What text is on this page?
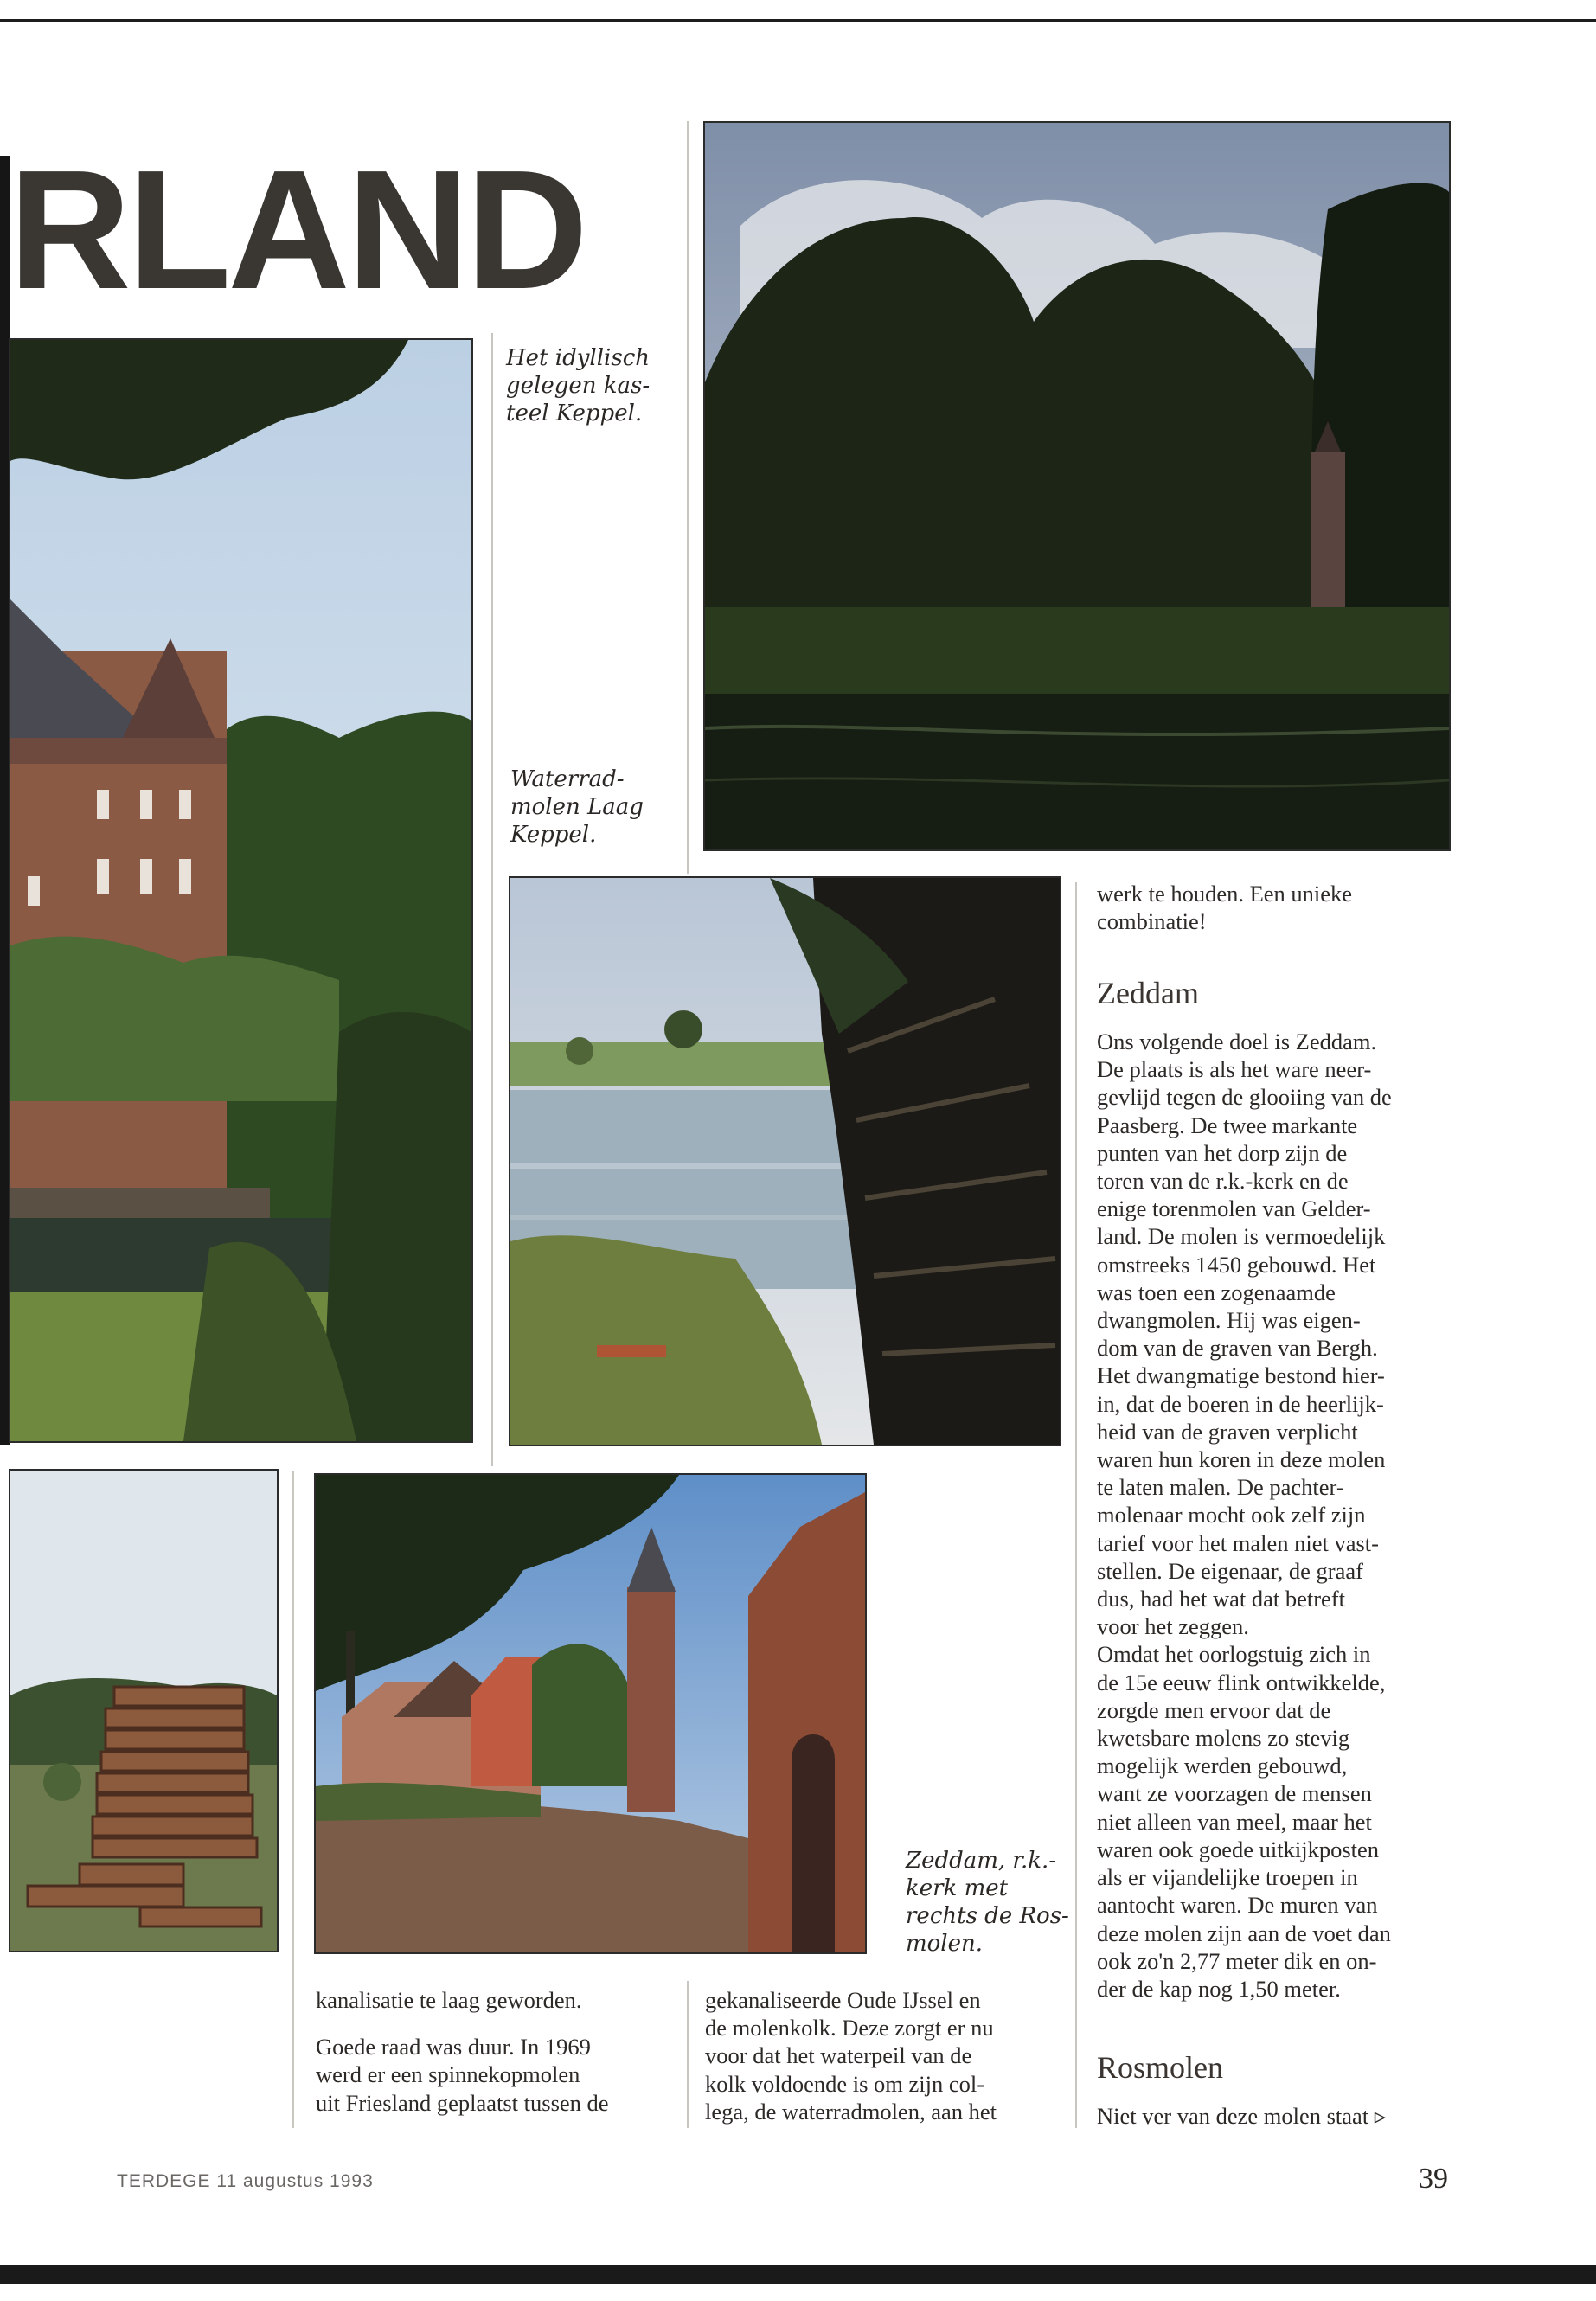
RLAND
Het idyllisch
gelegen kas-
teel Keppel.
Waterrad-
molen Laag
Keppel.
Zeddam, r.k.-
kerk met
rechts de Ros-
molen.
kanalisatie te laag geworden.
Goede raad was duur. In 1969
werd er een spinnekopmolen
uit Friesland geplaatst tussen de
gekanaliseerde Oude IJssel en
de molenkolk. Deze zorgt er nu
voor dat het waterpeil van de
kolk voldoende is om zijn col-
lega, de waterradmolen, aan het
werk te houden. Een unieke
combinatie!
Zeddam
Ons volgende doel is Zeddam.
De plaats is als het ware neer-
gevlijd tegen de glooiing van de
Paasberg. De twee markante
punten van het dorp zijn de
toren van de r.k.-kerk en de
enige torenmolen van Gelder-
land. De molen is vermoedelijk
omstreeks 1450 gebouwd. Het
was toen een zogenaamde
dwangmolen. Hij was eigen-
dom van de graven van Bergh.
Het dwangmatige bestond hier-
in, dat de boeren in de heerlijk-
heid van de graven verplicht
waren hun koren in deze molen
te laten malen. De pachter-
molenaar mocht ook zelf zijn
tarief voor het malen niet vast-
stellen. De eigenaar, de graaf
dus, had het wat dat betreft
voor het zeggen.
Omdat het oorlogstuig zich in
de 15e eeuw flink ontwikkelde,
zorgde men ervoor dat de
kwetsbare molens zo stevig
mogelijk werden gebouwd,
want ze voorzagen de mensen
niet alleen van meel, maar het
waren ook goede uitkijkposten
als er vijandelijke troepen in
aantocht waren. De muren van
deze molen zijn aan de voet dan
ook zo'n 2,77 meter dik en on-
der de kap nog 1,50 meter.
Rosmolen
Niet ver van deze molen staat ▹
TERDEGE 11 augustus 1993	39
